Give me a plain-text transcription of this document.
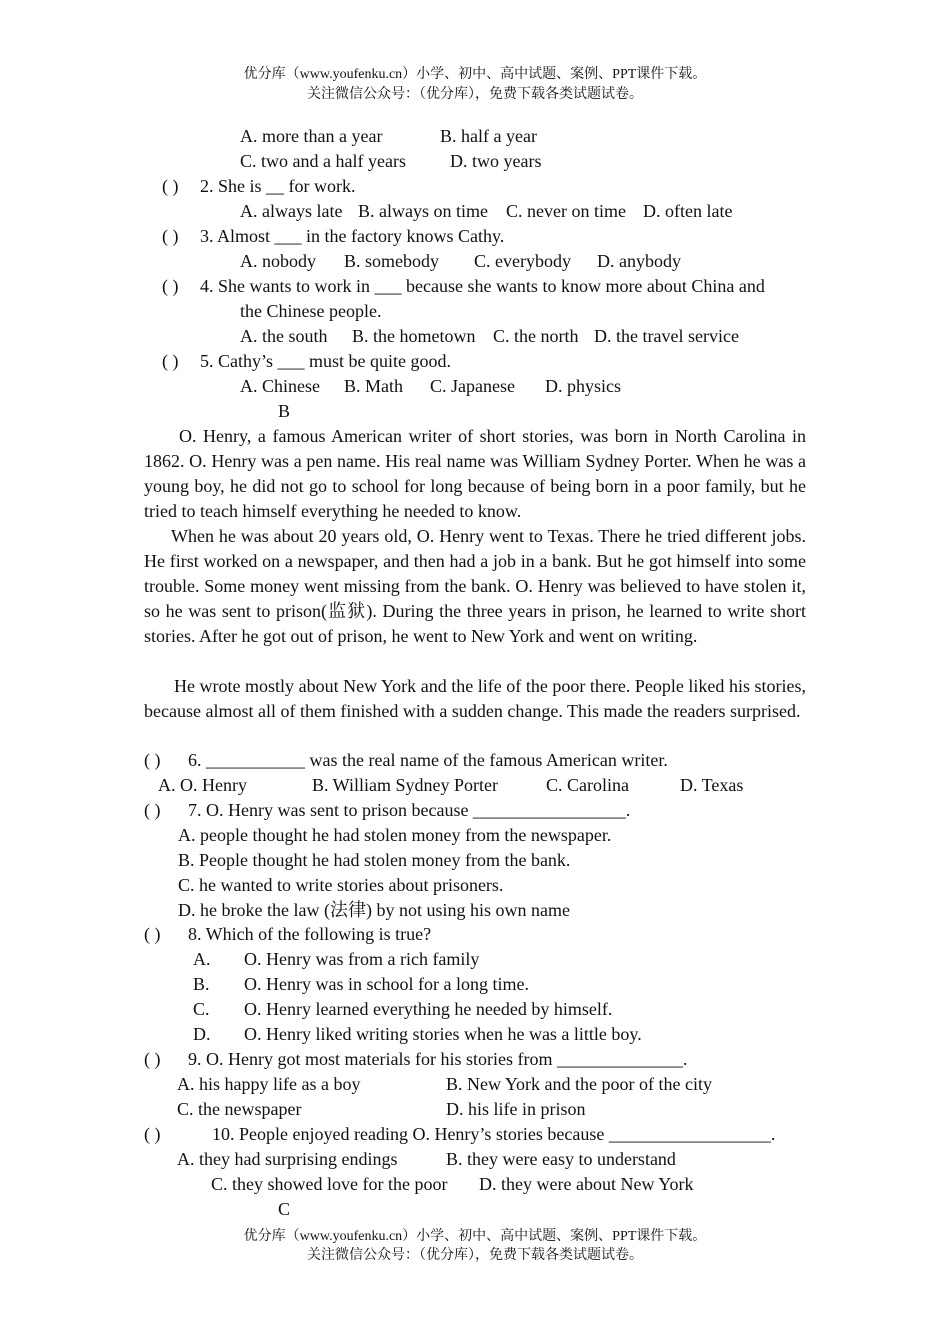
优分库（www.youfenku.cn）小学、初中、高中试题、案例、PPT课件下载。
关注微信公众号：（优分库），免费下载各类试题试卷。
A. more than a year	B. half a year
C. two and a half years D. two years
( ) 2. She is __ for work.
A. always late B. always on time C. never on time D. often late
( ) 3. Almost ___ in the factory knows Cathy.
A. nobody B. somebody C. everybody D. anybody
( ) 4. She wants to work in ___ because she wants to know more about China and
the Chinese people.
A. the south B. the hometown C. the north D. the travel service
( ) 5. Cathy’s ___ must be quite good.
A. Chinese B. Math C. Japanese D. physics
B
O. Henry, a famous American writer of short stories, was born in North Carolina in 1862. O. Henry was a pen name. His real name was William Sydney Porter. When he was a young boy, he did not go to school for long because of being born in a poor family, but he tried to teach himself everything he needed to know.
When he was about 20 years old, O. Henry went to Texas. There he tried different jobs. He first worked on a newspaper, and then had a job in a bank. But he got himself into some trouble. Some money went missing from the bank. O. Henry was believed to have stolen it, so he was sent to prison(监狱). During the three years in prison, he learned to write short stories. After he got out of prison, he went to New York and went on writing.
He wrote mostly about New York and the life of the poor there. People liked his stories, because almost all of them finished with a sudden change. This made the readers surprised.
( ) 6. ___________ was the real name of the famous American writer.
A. O. Henry	B. William Sydney Porter	C. Carolina	D. Texas
( ) 7. O. Henry was sent to prison because _________________.
A. people thought he had stolen money from the newspaper.
B. People thought he had stolen money from the bank.
C. he wanted to write stories about prisoners.
D. he broke the law (法律) by not using his own name
( ) 8. Which of the following is true?
A. O. Henry was from a rich family
B. O. Henry was in school for a long time.
C. O. Henry learned everything he needed by himself.
D. O. Henry liked writing stories when he was a little boy.
( ) 9. O. Henry got most materials for his stories from ______________.
A. his happy life as a boy	B. New York and the poor of the city
C. the newspaper	D. his life in prison
( )	10. People enjoyed reading O. Henry’s stories because __________________.
A. they had surprising endings	B. they were easy to understand
C. they showed love for the poor D. they were about New York
C
优分库（www.youfenku.cn）小学、初中、高中试题、案例、PPT课件下载。
关注微信公众号：（优分库），免费下载各类试题试卷。
